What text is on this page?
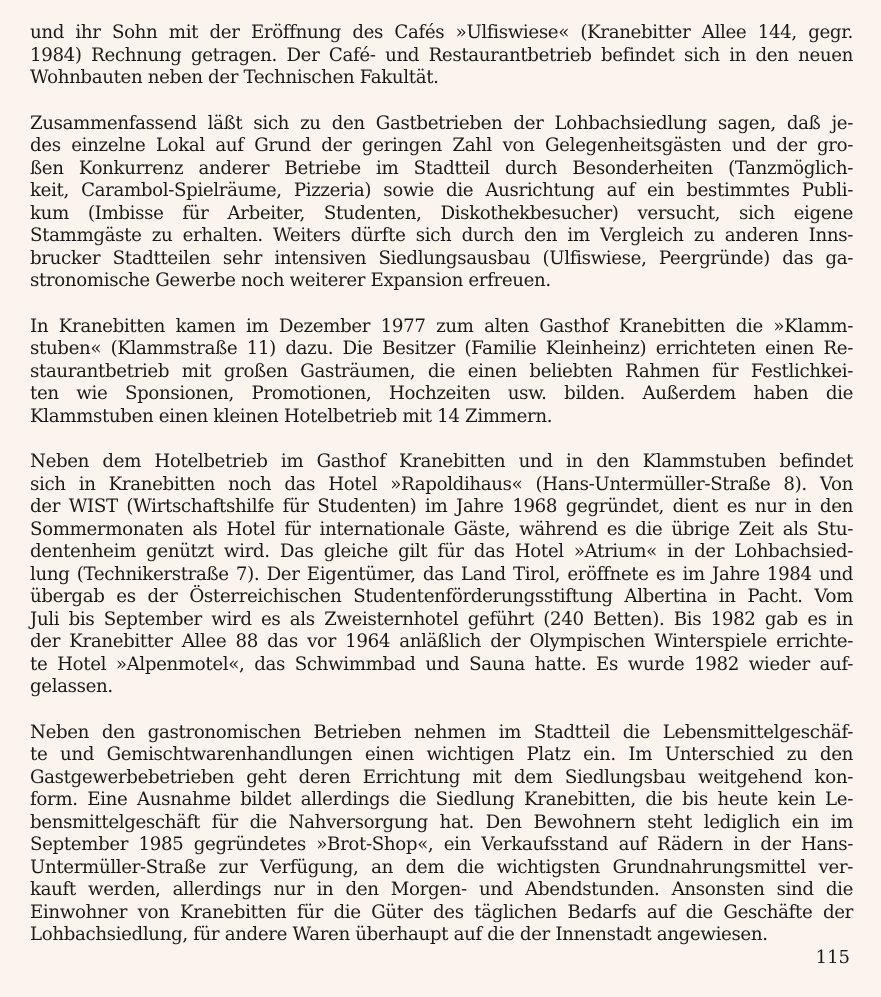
und ihr Sohn mit der Eröffnung des Cafés »Ulfiswiese« (Kranebitter Allee 144, gegr.
1984) Rechnung getragen. Der Café- und Restaurantbetrieb befindet sich in den neuen
Wohnbauten neben der Technischen Fakultät.
Zusammenfassend läßt sich zu den Gastbetrieben der Lohbachsiedlung sagen, daß je-
des einzelne Lokal auf Grund der geringen Zahl von Gelegenheitsgästen und der gro-
ßen Konkurrenz anderer Betriebe im Stadtteil durch Besonderheiten (Tanzmöglich-
keit, Carambol-Spielräume, Pizzeria) sowie die Ausrichtung auf ein bestimmtes Publi-
kum (Imbisse für Arbeiter, Studenten, Diskothekbesucher) versucht, sich eigene
Stammgäste zu erhalten. Weiters dürfte sich durch den im Vergleich zu anderen Inns-
brucker Stadtteilen sehr intensiven Siedlungsausbau (Ulfiswiese, Peergründe) das ga-
stronomische Gewerbe noch weiterer Expansion erfreuen.
In Kranebitten kamen im Dezember 1977 zum alten Gasthof Kranebitten die »Klamm-
stuben« (Klammstraße 11) dazu. Die Besitzer (Familie Kleinheinz) errichteten einen Re-
staurantbetrieb mit großen Gasträumen, die einen beliebten Rahmen für Festlichkei-
ten wie Sponsionen, Promotionen, Hochzeiten usw. bilden. Außerdem haben die
Klammstuben einen kleinen Hotelbetrieb mit 14 Zimmern.
Neben dem Hotelbetrieb im Gasthof Kranebitten und in den Klammstuben befindet
sich in Kranebitten noch das Hotel »Rapoldihaus« (Hans-Untermüller-Straße 8). Von
der WIST (Wirtschaftshilfe für Studenten) im Jahre 1968 gegründet, dient es nur in den
Sommermonaten als Hotel für internationale Gäste, während es die übrige Zeit als Stu-
dentenheim genützt wird. Das gleiche gilt für das Hotel »Atrium« in der Lohbachsied-
lung (Technikerstraße 7). Der Eigentümer, das Land Tirol, eröffnete es im Jahre 1984 und
übergab es der Österreichischen Studentenförderungsstiftung Albertina in Pacht. Vom
Juli bis September wird es als Zweisternhotel geführt (240 Betten). Bis 1982 gab es in
der Kranebitter Allee 88 das vor 1964 anläßlich der Olympischen Winterspiele errichte-
te Hotel »Alpenmotel«, das Schwimmbad und Sauna hatte. Es wurde 1982 wieder auf-
gelassen.
Neben den gastronomischen Betrieben nehmen im Stadtteil die Lebensmittelgeschäf-
te und Gemischtwarenhandlungen einen wichtigen Platz ein. Im Unterschied zu den
Gastgewerbebetrieben geht deren Errichtung mit dem Siedlungsbau weitgehend kon-
form. Eine Ausnahme bildet allerdings die Siedlung Kranebitten, die bis heute kein Le-
bensmittelgeschäft für die Nahversorgung hat. Den Bewohnern steht lediglich ein im
September 1985 gegründetes »Brot-Shop«, ein Verkaufsstand auf Rädern in der Hans-
Untermüller-Straße zur Verfügung, an dem die wichtigsten Grundnahrungsmittel ver-
kauft werden, allerdings nur in den Morgen- und Abendstunden. Ansonsten sind die
Einwohner von Kranebitten für die Güter des täglichen Bedarfs auf die Geschäfte der
Lohbachsiedlung, für andere Waren überhaupt auf die der Innenstadt angewiesen.
115
